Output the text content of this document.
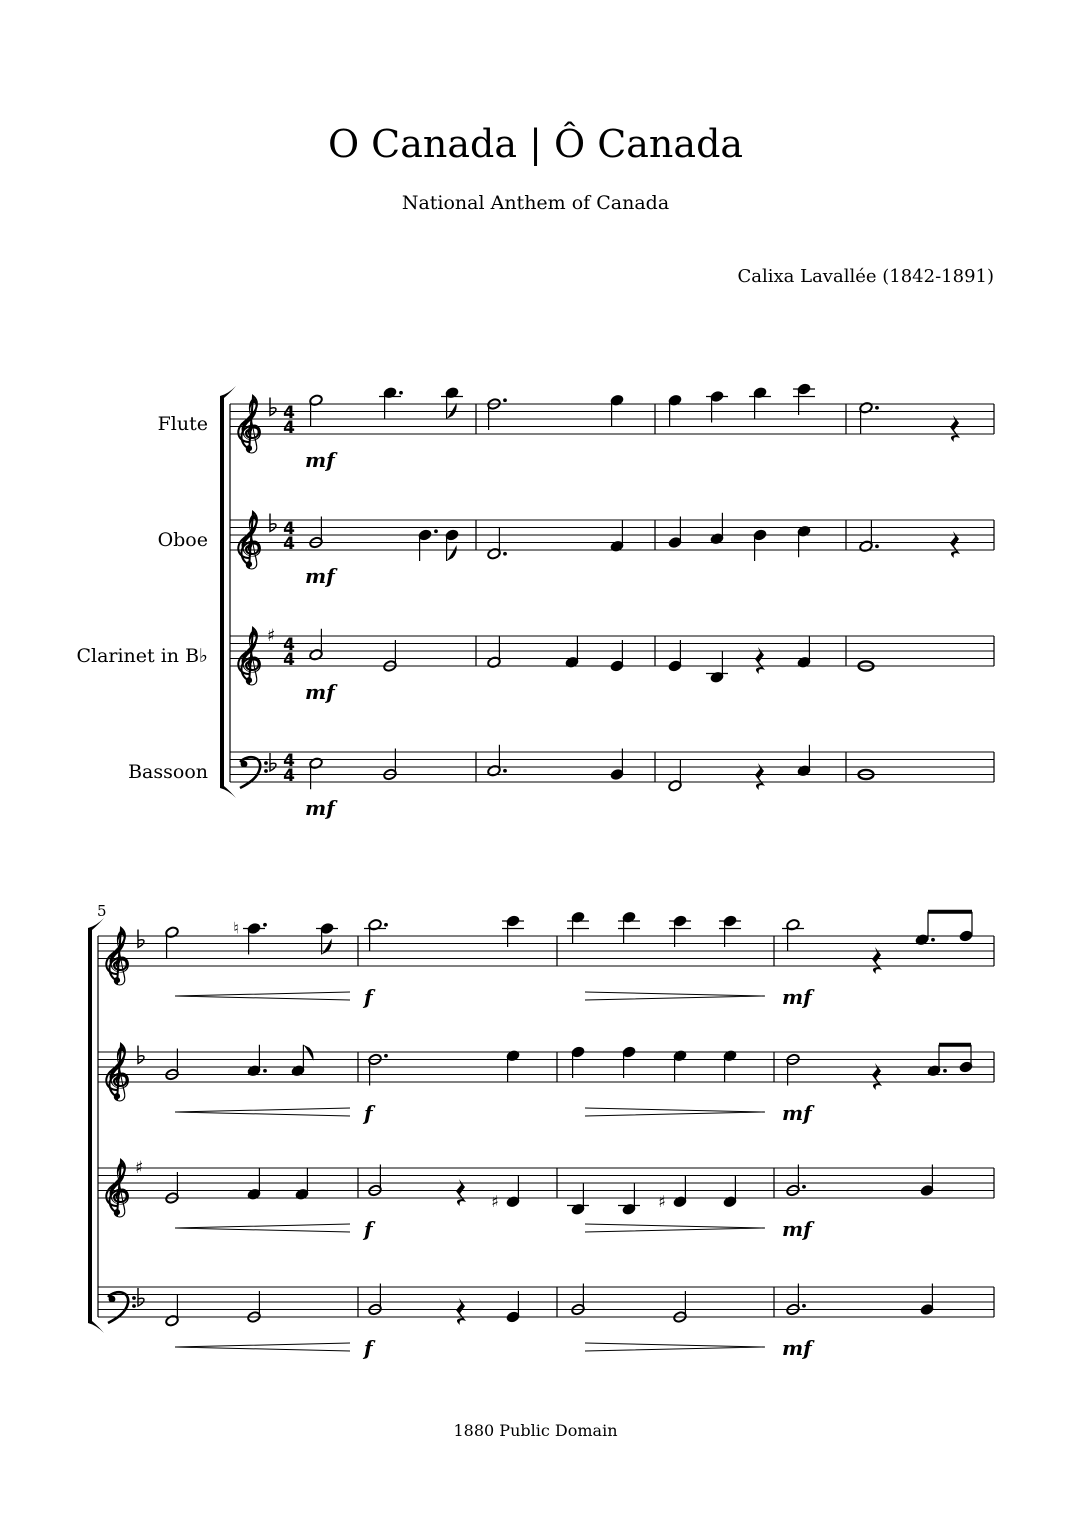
O Canada | Ô Canada
National Anthem of Canada
Calixa Lavallée (1842-1891)
Flute 𝄞 4
4
mf
Oboe 𝄞 4
4
mf
Clarinet in B♭ 𝄞 ♯ 4
4
mf
Bassoon	4
4
mf
5
𝄞
f	mf
𝄞
f	mf
𝄞 ♯
f	mf
f	mf
♮
♯	♯
1880 Public Domain
